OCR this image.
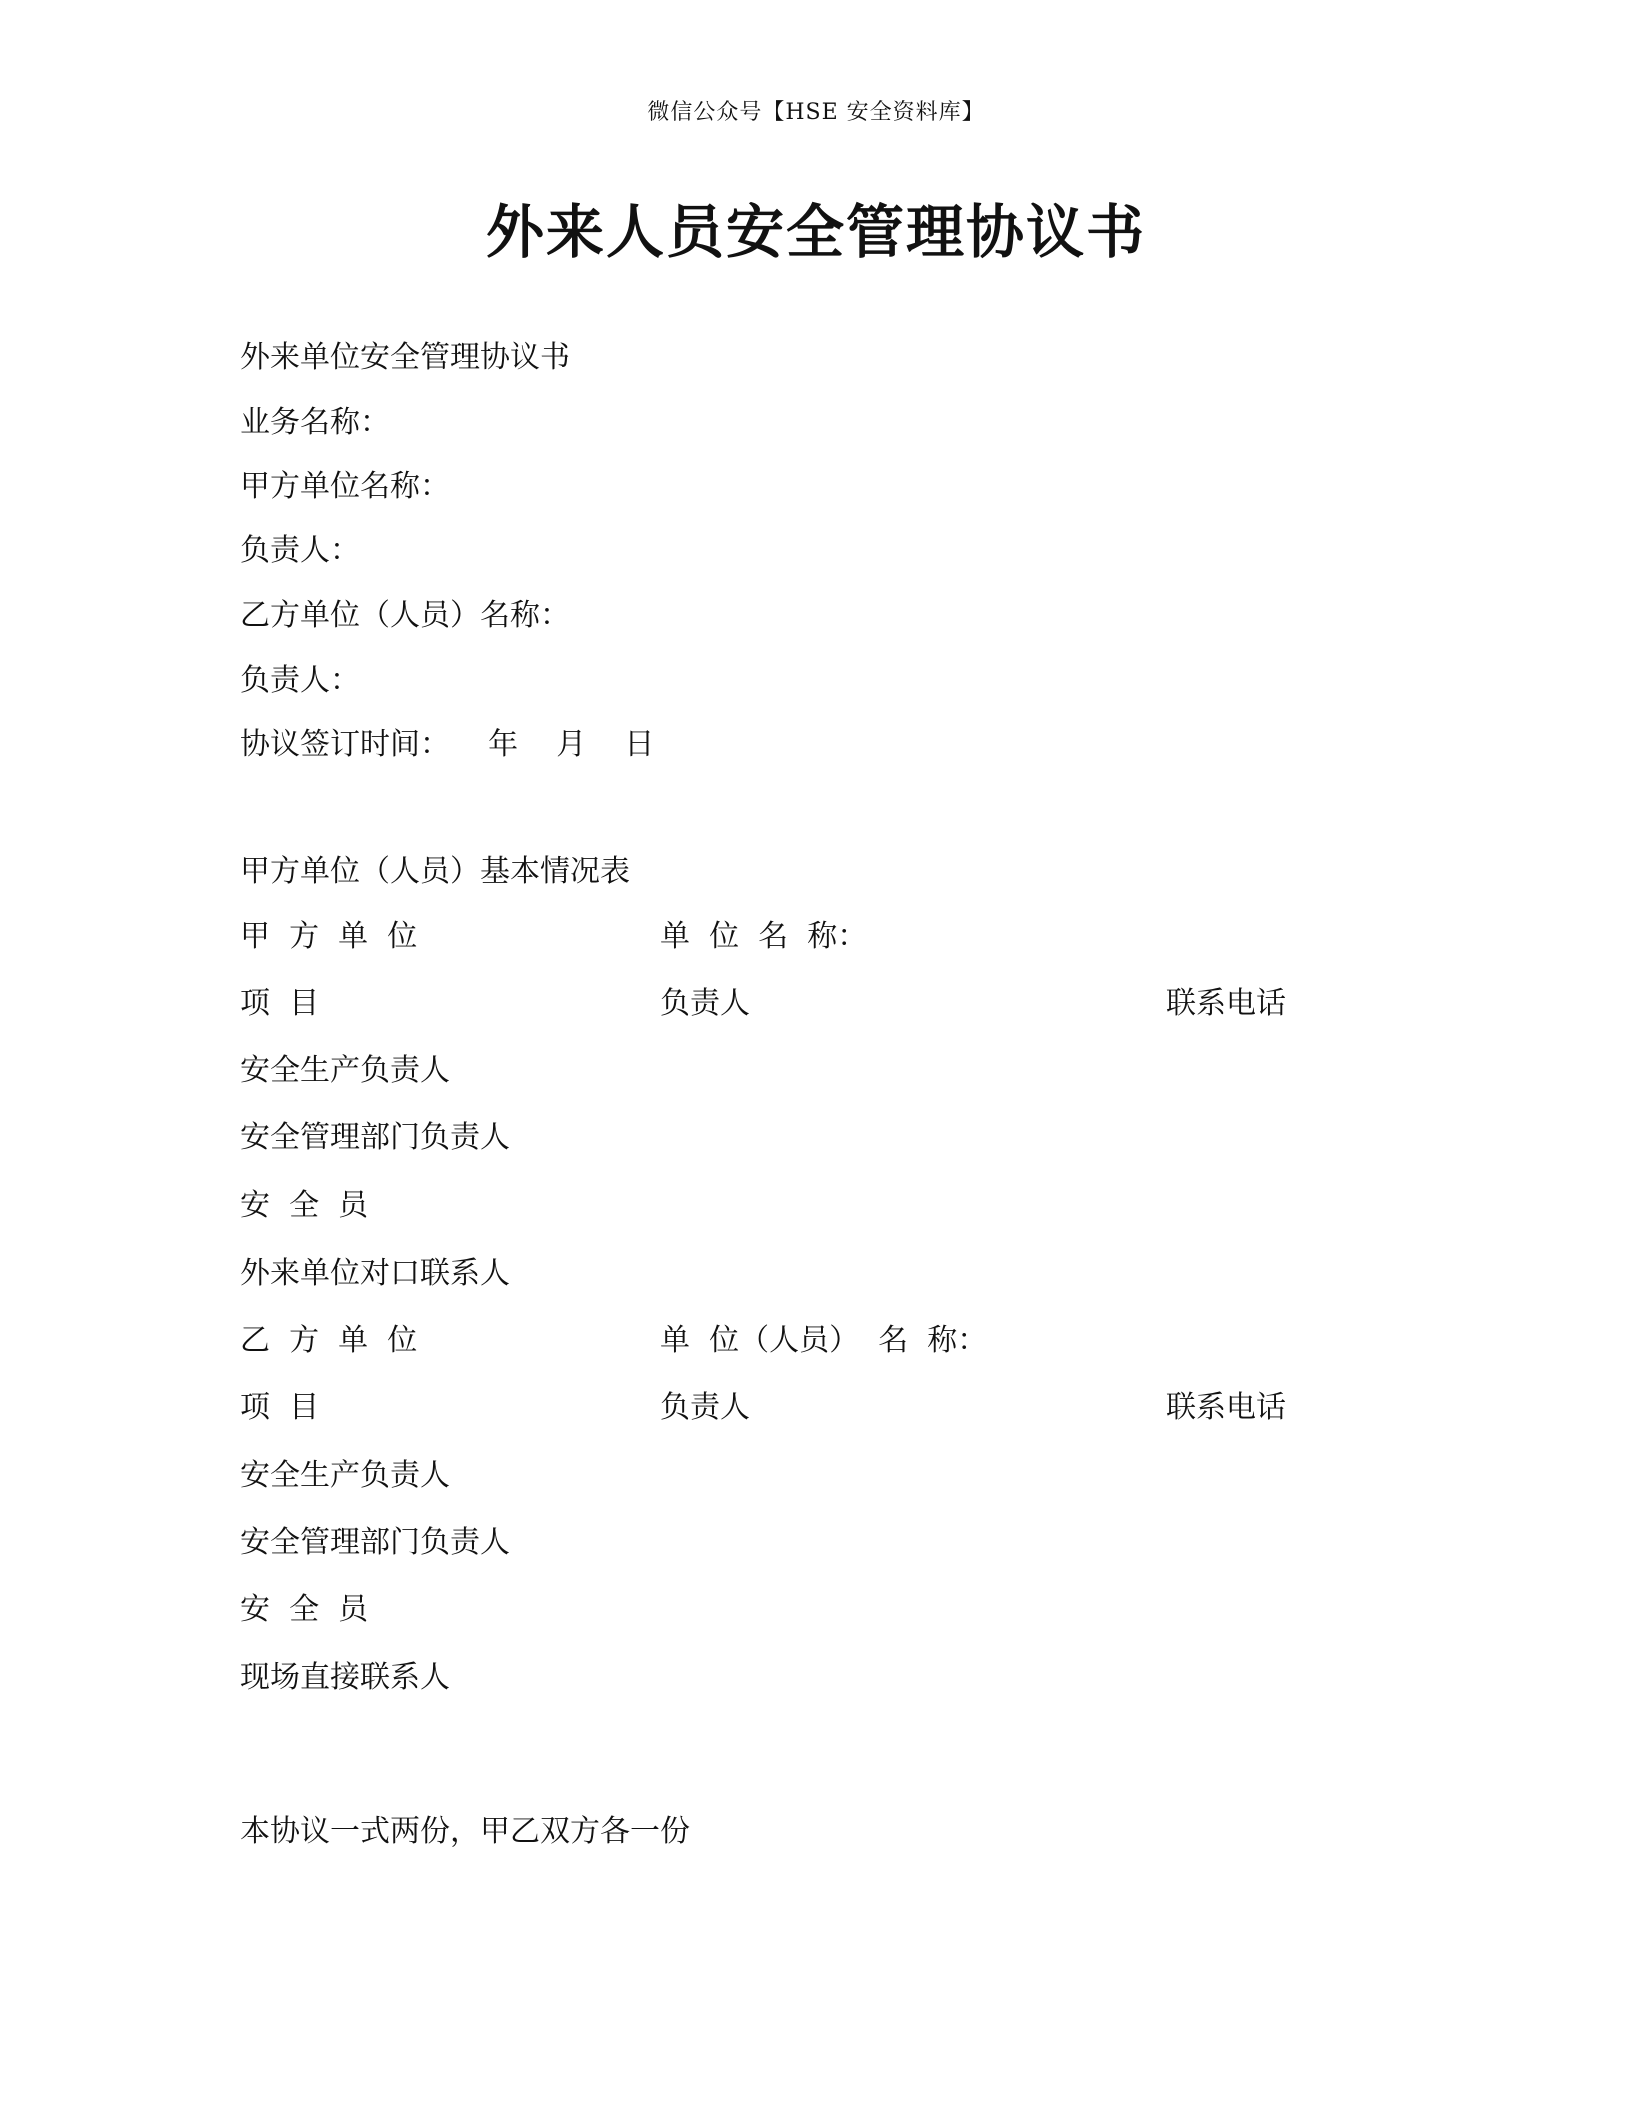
微信公众号【HSE 安全资料库】
外来人员安全管理协议书
外来单位安全管理协议书
业务名称：
甲方单位名称：
负责人：
乙方单位（人员）名称：
负责人：
协议签订时间：    年    月    日
甲方单位（人员）基本情况表
甲  方  单  位	单  位  名  称：
项  目	负责人	联系电话
安全生产负责人
安全管理部门负责人
安  全  员
外来单位对口联系人
乙  方  单  位	单  位（人员）  名  称：
项  目	负责人	联系电话
安全生产负责人
安全管理部门负责人
安  全  员
现场直接联系人
本协议一式两份，甲乙双方各一份
